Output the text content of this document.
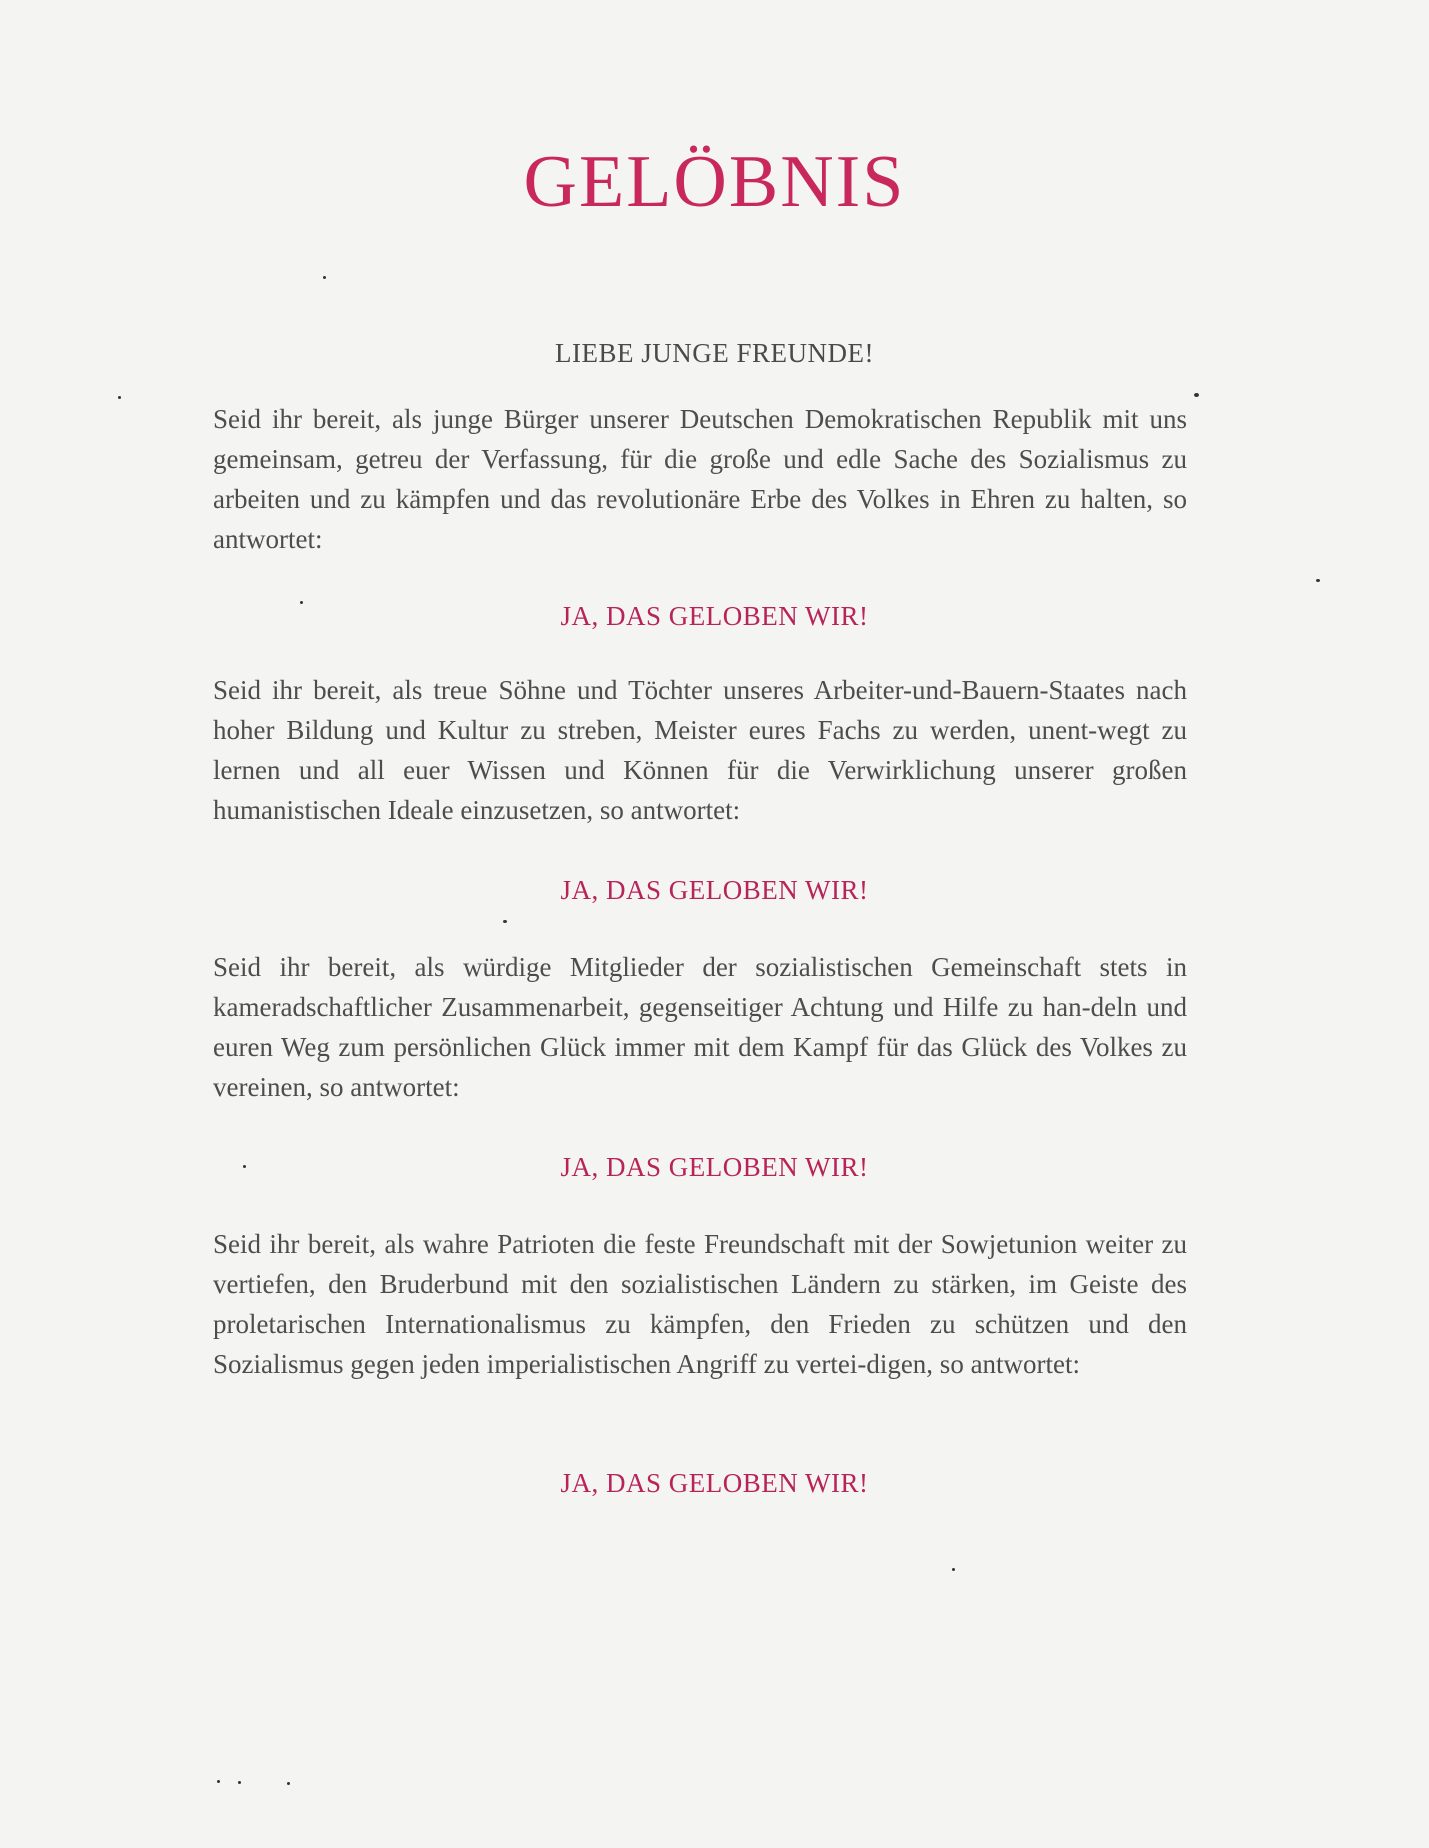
GELÖBNIS
LIEBE JUNGE FREUNDE!

Seid ihr bereit, als junge Bürger unserer Deutschen Demokratischen Republik mit uns gemeinsam, getreu der Verfassung, für die große und edle Sache des Sozialismus zu arbeiten und zu kämpfen und das revolutionäre Erbe des Volkes in Ehren zu halten, so antwortet:

JA, DAS GELOBEN WIR!

Seid ihr bereit, als treue Söhne und Töchter unseres Arbeiter-und-Bauern-Staates nach hoher Bildung und Kultur zu streben, Meister eures Fachs zu werden, unent-wegt zu lernen und all euer Wissen und Können für die Verwirklichung unserer großen humanistischen Ideale einzusetzen, so antwortet:

JA, DAS GELOBEN WIR!

Seid ihr bereit, als würdige Mitglieder der sozialistischen Gemeinschaft stets in kameradschaftlicher Zusammenarbeit, gegenseitiger Achtung und Hilfe zu han-deln und euren Weg zum persönlichen Glück immer mit dem Kampf für das Glück des Volkes zu vereinen, so antwortet:

JA, DAS GELOBEN WIR!

Seid ihr bereit, als wahre Patrioten die feste Freundschaft mit der Sowjetunion weiter zu vertiefen, den Bruderbund mit den sozialistischen Ländern zu stärken, im Geiste des proletarischen Internationalismus zu kämpfen, den Frieden zu schützen und den Sozialismus gegen jeden imperialistischen Angriff zu vertei-digen, so antwortet:

JA, DAS GELOBEN WIR!
